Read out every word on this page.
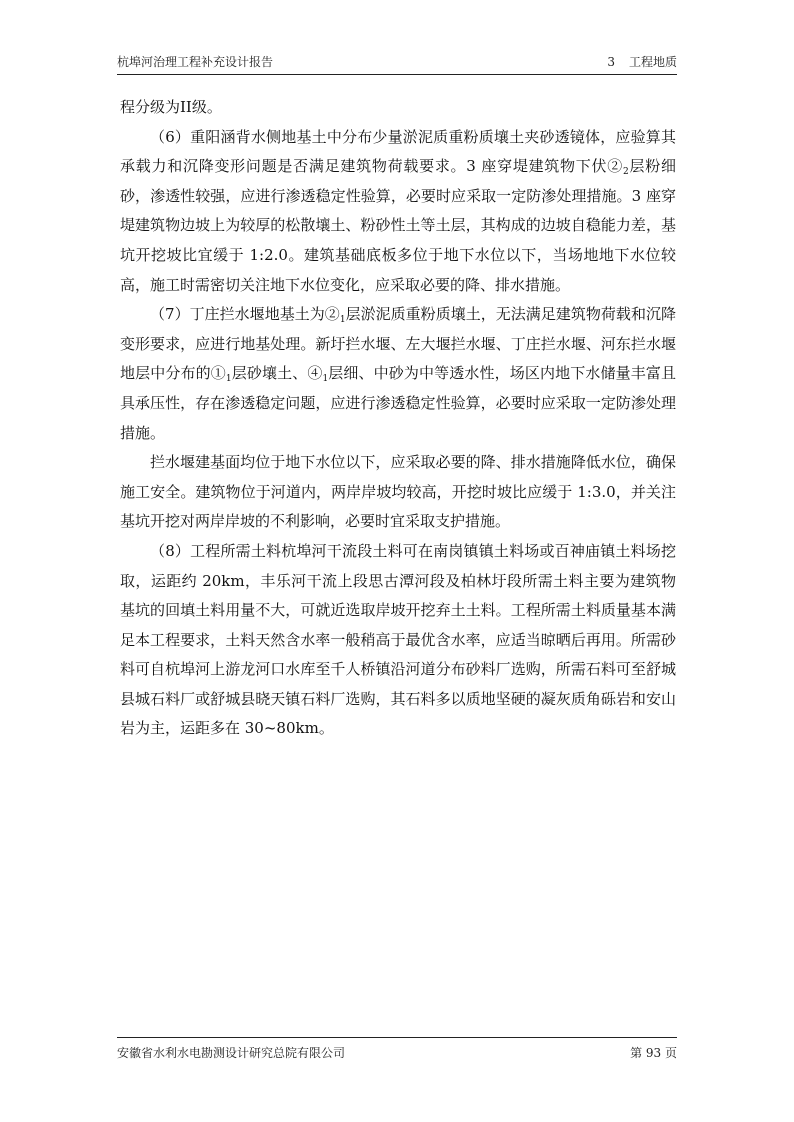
杭埠河治理工程补充设计报告	3 工程地质

程分级为II级。

（6）重阳涵背水侧地基土中分布少量淤泥质重粉质壤土夹砂透镜体，应验算其承载力和沉降变形问题是否满足建筑物荷载要求。3 座穿堤建筑物下伏$②_2$层粉细砂，渗透性较强，应进行渗透稳定性验算，必要时应采取一定防渗处理措施。3 座穿堤建筑物边坡上为较厚的松散壤土、粉砂性土等土层，其构成的边坡自稳能力差，基坑开挖坡比宜缓于 1:2.0。建筑基础底板多位于地下水位以下，当场地地下水位较高，施工时需密切关注地下水位变化，应采取必要的降、排水措施。

（7）丁庄拦水堰地基土为$②_1$层淤泥质重粉质壤土，无法满足建筑物荷载和沉降变形要求，应进行地基处理。新圩拦水堰、左大堰拦水堰、丁庄拦水堰、河东拦水堰地层中分布的$①_1$层砂壤土、$④_1$层细、中砂为中等透水性，场区内地下水储量丰富且具承压性，存在渗透稳定问题，应进行渗透稳定性验算，必要时应采取一定防渗处理措施。

拦水堰建基面均位于地下水位以下，应采取必要的降、排水措施降低水位，确保施工安全。建筑物位于河道内，两岸岸坡均较高，开挖时坡比应缓于 1:3.0，并关注基坑开挖对两岸岸坡的不利影响，必要时宜采取支护措施。

（8）工程所需土料杭埠河干流段土料可在南岗镇镇土料场或百神庙镇土料场挖取，运距约 20km，丰乐河干流上段思古潭河段及柏林圩段所需土料主要为建筑物基坑的回填土料用量不大，可就近选取岸坡开挖弃土土料。工程所需土料质量基本满足本工程要求，土料天然含水率一般稍高于最优含水率，应适当晾晒后再用。所需砂料可自杭埠河上游龙河口水库至千人桥镇沿河道分布砂料厂选购，所需石料可至舒城县城石料厂或舒城县晓天镇石料厂选购，其石料多以质地坚硬的凝灰质角砾岩和安山岩为主，运距多在 30~80km。

安徽省水利水电勘测设计研究总院有限公司	第 93 页
